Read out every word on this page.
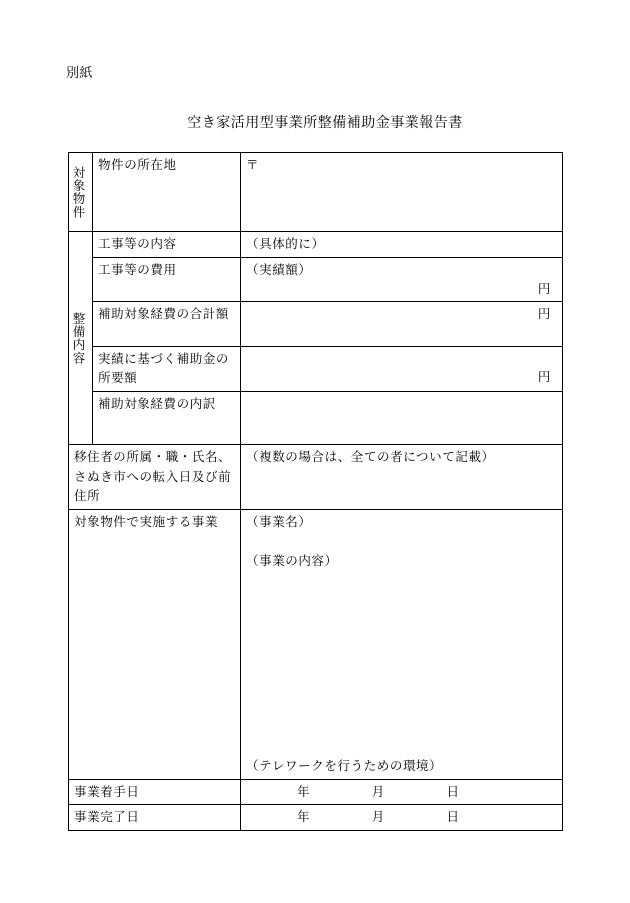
別紙
空き家活用型事業所整備補助金事業報告書
対象物件	物件の所在地	〒
整備内容	工事等の内容	（具体的に）
	工事等の費用	（実績額）
円

	補助対象経費の合計額	円

	実績に基づく補助金の所要額	円

	補助対象経費の内訳	

移住者の所属・職・氏名、さぬき市への転入日及び前住所		（複数の場合は、全ての者について記載）
対象物件で実施する事業		（事業名）
（事業の内容）
（テレワークを行うための環境）

事業着手日		年 月 日

事業完了日		年 月 日
